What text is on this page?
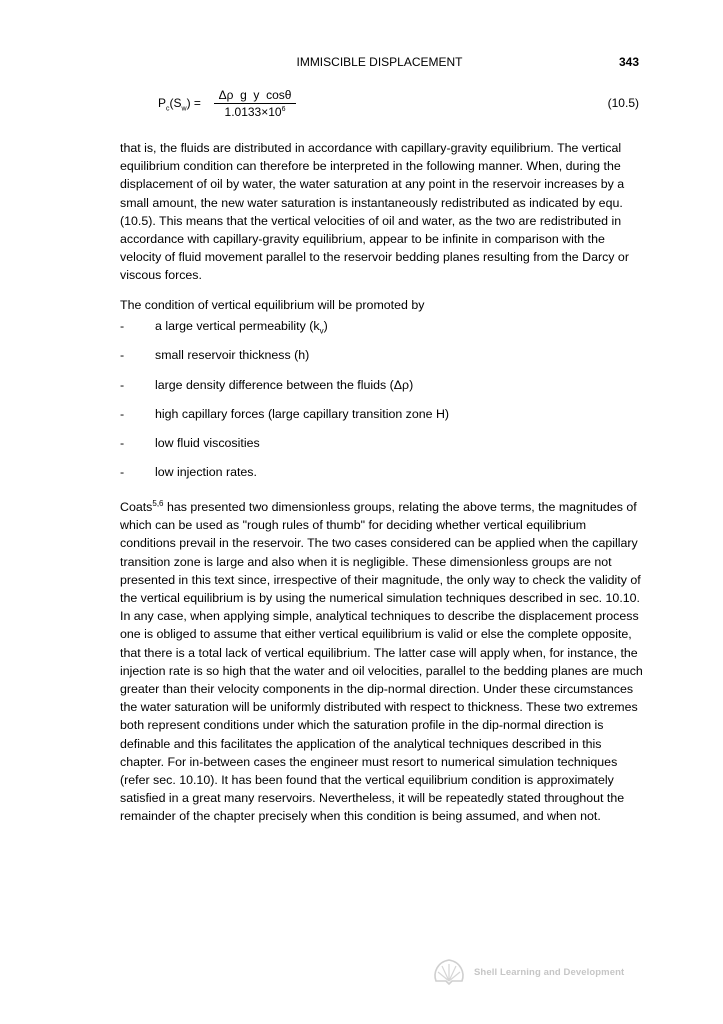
IMMISCIBLE DISPLACEMENT	343
$P_c(S_w)$ =
Δρ  g  y  cosθ
$1.0133\times 10^6$	(10.5)

that is, the fluids are distributed in accordance with capillary-gravity equilibrium. The vertical equilibrium condition can therefore be interpreted in the following manner. When, during the displacement of oil by water, the water saturation at any point in the reservoir increases by a small amount, the new water saturation is instantaneously redistributed as indicated by equ. (10.5). This means that the vertical velocities of oil and water, as the two are redistributed in accordance with capillary-gravity equilibrium, appear to be infinite in comparison with the velocity of fluid movement parallel to the reservoir bedding planes resulting from the Darcy or viscous forces.

The condition of vertical equilibrium will be promoted by

- a large vertical permeability $(k_v)$
- small reservoir thickness (h)
- large density difference between the fluids (Δρ)
- high capillary forces (large capillary transition zone H)
- low fluid viscosities
- low injection rates.

Coats$^{5,6}$ has presented two dimensionless groups, relating the above terms, the magnitudes of which can be used as "rough rules of thumb" for deciding whether vertical equilibrium conditions prevail in the reservoir. The two cases considered can be applied when the capillary transition zone is large and also when it is negligible. These dimensionless groups are not presented in this text since, irrespective of their magnitude, the only way to check the validity of the vertical equilibrium is by using the numerical simulation techniques described in sec. 10.10. In any case, when applying simple, analytical techniques to describe the displacement process one is obliged to assume that either vertical equilibrium is valid or else the complete opposite, that there is a total lack of vertical equilibrium. The latter case will apply when, for instance, the injection rate is so high that the water and oil velocities, parallel to the bedding planes are much greater than their velocity components in the dip-normal direction. Under these circumstances the water saturation will be uniformly distributed with respect to thickness. These two extremes both represent conditions under which the saturation profile in the dip-normal direction is definable and this facilitates the application of the analytical techniques described in this chapter. For in-between cases the engineer must resort to numerical simulation techniques (refer sec. 10.10). It has been found that the vertical equilibrium condition is approximately satisfied in a great many reservoirs. Nevertheless, it will be repeatedly stated throughout the remainder of the chapter precisely when this condition is being assumed, and when not.

Shell Learning and Development
